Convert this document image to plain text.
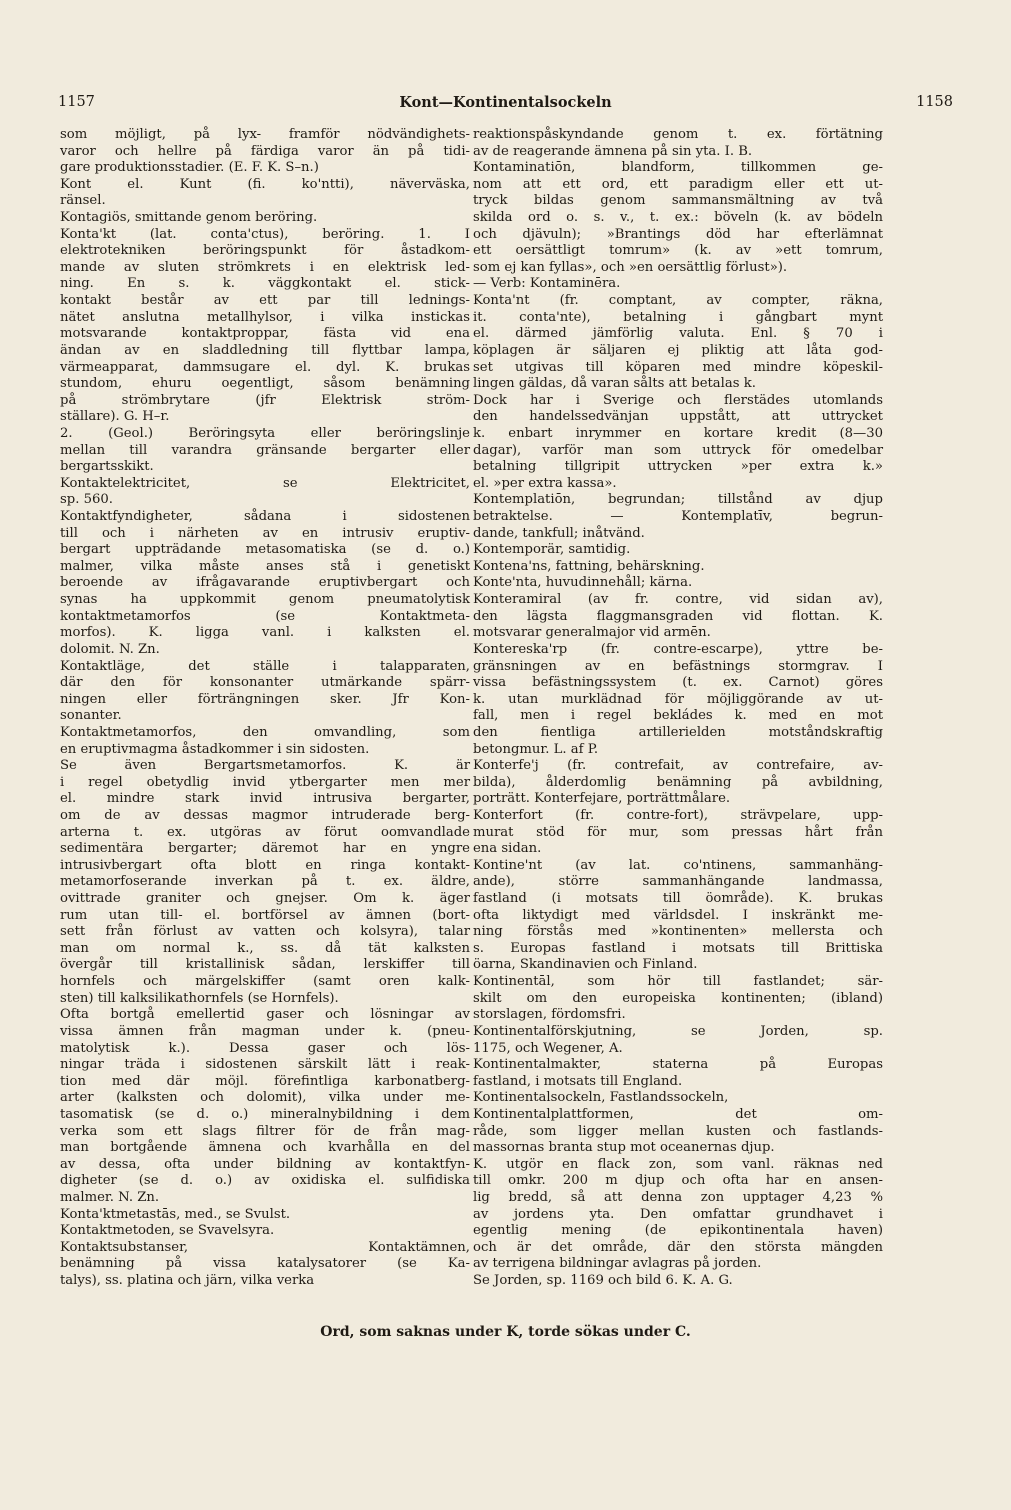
1157	Kont—Kontinentalsockeln	1158
som möjligt, på lyx- framför nödvändighets-
varor och hellre på färdiga varor än på tidi-
gare produktionsstadier. (E. F. K. S–n.)
Kont el. Kunt (fi. ko'ntti), näverväska,
ränsel.
Kontagiös, smittande genom beröring.
Konta'kt (lat. conta'ctus), beröring. 1. I
elektrotekniken beröringspunkt för åstadkom-
mande av sluten strömkrets i en elektrisk led-
ning. En s. k. väggkontakt el. stick-
kontakt består av ett par till lednings-
nätet anslutna metallhylsor, i vilka instickas
motsvarande kontaktproppar, fästa vid ena
ändan av en sladdledning till flyttbar lampa,
värmeapparat, dammsugare el. dyl. K. brukas
stundom, ehuru oegentligt, såsom benämning
på strömbrytare (jfr Elektrisk ström-
ställare). G. H–r.
2. (Geol.) Beröringsyta eller beröringslinje
mellan till varandra gränsande bergarter eller
bergartsskikt.
Kontaktelektricitet, se Elektricitet,
sp. 560.
Kontaktfyndigheter, sådana i sidostenen
till och i närheten av en intrusiv eruptiv-
bergart uppträdande metasomatiska (se d. o.)
malmer, vilka måste anses stå i genetiskt
beroende av ifrågavarande eruptivbergart och
synas ha uppkommit genom pneumatolytisk
kontaktmetamorfos (se Kontaktmeta-
morfos). K. ligga vanl. i kalksten el.
dolomit. N. Zn.
Kontaktläge, det ställe i talapparaten,
där den för konsonanter utmärkande spärr-
ningen eller förträngningen sker. Jfr Kon-
sonanter.
Kontaktmetamorfos, den omvandling, som
en eruptivmagma åstadkommer i sin sidosten.
Se även Bergartsmetamorfos. K. är
i regel obetydlig invid ytbergarter men mer
el. mindre stark invid intrusiva bergarter,
om de av dessas magmor intruderade berg-
arterna t. ex. utgöras av förut oomvandlade
sedimentära bergarter; däremot har en yngre
intrusivbergart ofta blott en ringa kontakt-
metamorfoserande inverkan på t. ex. äldre,
ovittrade graniter och gnejser. Om k. äger
rum utan till- el. bortförsel av ämnen (bort-
sett från förlust av vatten och kolsyra), talar
man om normal k., ss. då tät kalksten
övergår till kristallinisk sådan, lerskiffer till
hornfels och märgelskiffer (samt oren kalk-
sten) till kalksilikathornfels (se Hornfels).
Ofta bortgå emellertid gaser och lösningar av
vissa ämnen från magman under k. (pneu-
matolytisk k.). Dessa gaser och lös-
ningar träda i sidostenen särskilt lätt i reak-
tion med där möjl. förefintliga karbonatberg-
arter (kalksten och dolomit), vilka under me-
tasomatisk (se d. o.) mineralnybildning i dem
verka som ett slags filtrer för de från mag-
man bortgående ämnena och kvarhålla en del
av dessa, ofta under bildning av kontaktfyn-
digheter (se d. o.) av oxidiska el. sulfidiska
malmer. N. Zn.
Konta'ktmetastās, med., se Svulst.
Kontaktmetoden, se Svavelsyra.
Kontaktsubstanser, Kontaktämnen,
benämning på vissa katalysatorer (se Ka-
talys), ss. platina och järn, vilka verka
reaktionspåskyndande genom t. ex. förtätning
av de reagerande ämnena på sin yta. I. B.
Kontaminatiōn, blandform, tillkommen ge-
nom att ett ord, ett paradigm eller ett ut-
tryck bildas genom sammansmältning av två
skilda ord o. s. v., t. ex.: böveln (k. av bödeln
och djävuln); »Brantings död har efterlämnat
ett oersättligt tomrum» (k. av »ett tomrum,
som ej kan fyllas», och »en oersättlig förlust»).
— Verb: Kontaminēra.
Konta'nt (fr. comptant, av compter, räkna,
it. conta'nte), betalning i gångbart mynt
el. därmed jämförlig valuta. Enl. § 70 i
köplagen är säljaren ej pliktig att låta god-
set utgivas till köparen med mindre köpeskil-
lingen gäldas, då varan sålts att betalas k.
Dock har i Sverige och flerstädes utomlands
den handelssedvänjan uppstått, att uttrycket
k. enbart inrymmer en kortare kredit (8—30
dagar), varför man som uttryck för omedelbar
betalning tillgripit uttrycken »per extra k.»
el. »per extra kassa».
Kontemplatiōn, begrundan; tillstånd av djup
betraktelse. — Kontemplatīv, begrun-
dande, tankfull; inåtvänd.
Kontemporär, samtidig.
Kontena'ns, fattning, behärskning.
Konte'nta, huvudinnehåll; kärna.
Konteramiral (av fr. contre, vid sidan av),
den lägsta flaggmansgraden vid flottan. K.
motsvarar generalmajor vid armēn.
Kontereska'rp (fr. contre-escarpe), yttre be-
gränsningen av en befästnings stormgrav. I
vissa befästningssystem (t. ex. Carnot) göres
k. utan murklädnad för möjliggörande av ut-
fall, men i regel bekládes k. med en mot
den fientliga artillerielden motståndskraftig
betongmur. L. af P.
Konterfe'j (fr. contrefait, av contrefaire, av-
bilda), ålderdomlig benämning på avbildning,
porträtt. Konterfejare, porträttmålare.
Konterfort (fr. contre-fort), strävpelare, upp-
murat stöd för mur, som pressas hårt från
ena sidan.
Kontine'nt (av lat. co'ntinens, sammanhäng-
ande), större sammanhängande landmassa,
fastland (i motsats till öområde). K. brukas
ofta liktydigt med världsdel. I inskränkt me-
ning förstås med »kontinenten» mellersta och
s. Europas fastland i motsats till Brittiska
öarna, Skandinavien och Finland.
Kontinentāl, som hör till fastlandet; sär-
skilt om den europeiska kontinenten; (ibland)
storslagen, fördomsfri.
Kontinentalförskjutning, se Jorden, sp.
1175, och Wegener, A.
Kontinentalmakter, staterna på Europas
fastland, i motsats till England.
Kontinentalsockeln, Fastlandssockeln,
Kontinentalplattformen, det om-
råde, som ligger mellan kusten och fastlands-
massornas branta stup mot oceanernas djup.
K. utgör en flack zon, som vanl. räknas ned
till omkr. 200 m djup och ofta har en ansen-
lig bredd, så att denna zon upptager 4,23 %
av jordens yta. Den omfattar grundhavet i
egentlig mening (de epikontinentala haven)
och är det område, där den största mängden
av terrigena bildningar avlagras på jorden.
Se Jorden, sp. 1169 och bild 6. K. A. G.
Ord, som saknas under K, torde sökas under C.
